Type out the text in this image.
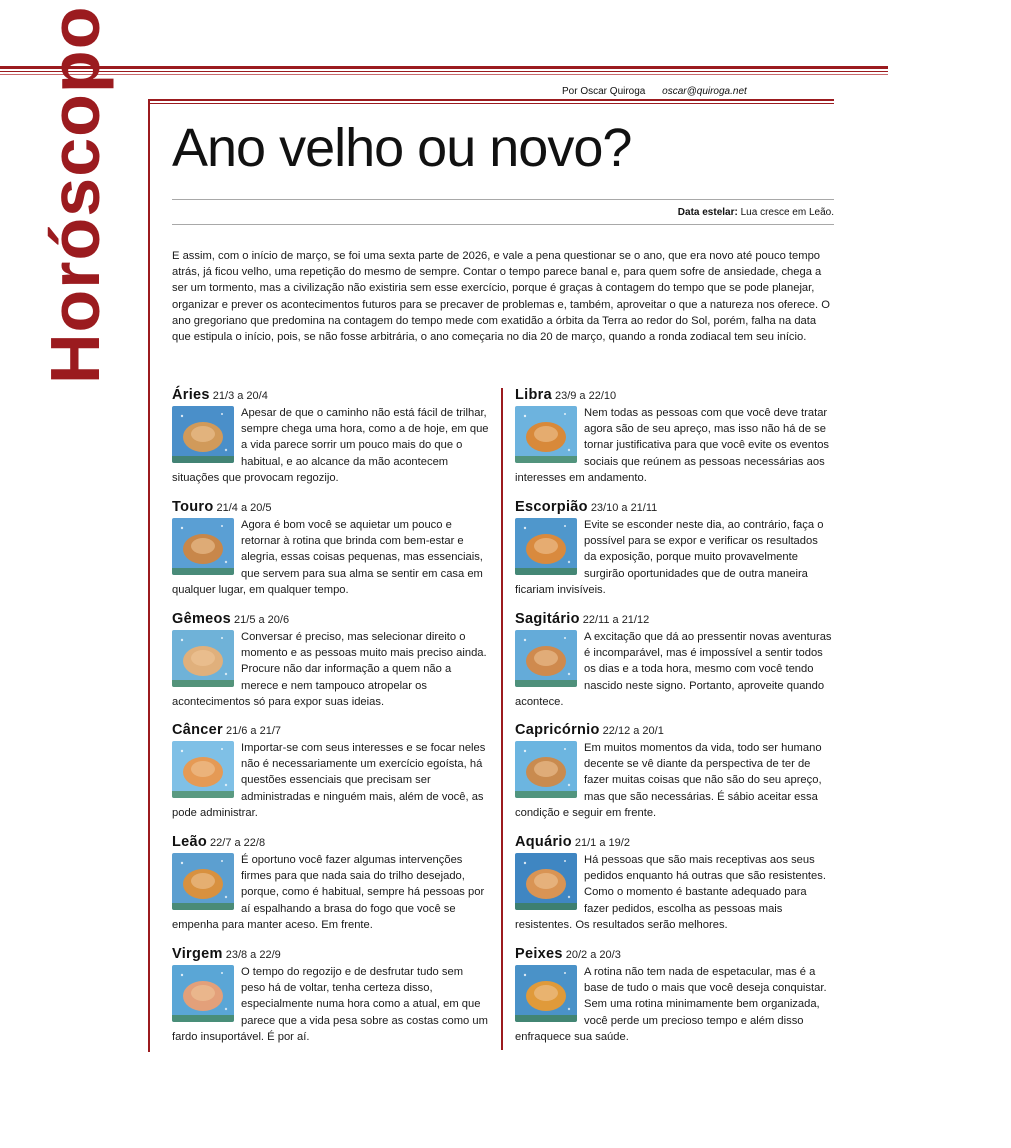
Por Oscar Quiroga oscar@quiroga.net
Horóscopo Ano velho ou novo?
Data estelar: Lua cresce em Leão.
E assim, com o início de março, se foi uma sexta parte de 2026, e vale a pena questionar se o ano, que era novo até pouco tempo atrás, já ficou velho, uma repetição do mesmo de sempre. Contar o tempo parece banal e, para quem sofre de ansiedade, chega a ser um tormento, mas a civilização não existiria sem esse exercício, porque é graças à contagem do tempo que se pode planejar, organizar e prever os acontecimentos futuros para se precaver de problemas e, também, aproveitar o que a natureza nos oferece. O ano gregoriano que predomina na contagem do tempo mede com exatidão a órbita da Terra ao redor do Sol, porém, falha na data que estipula o início, pois, se não fosse arbitrária, o ano começaria no dia 20 de março, quando a ronda zodiacal tem seu início.
Áries 21/3 a 20/4
Apesar de que o caminho não está fácil de trilhar, sempre chega uma hora, como a de hoje, em que a vida parece sorrir um pouco mais do que o habitual, e ao alcance da mão acontecem situações que provocam regozijo.
Touro 21/4 a 20/5
Agora é bom você se aquietar um pouco e retornar à rotina que brinda com bem-estar e alegria, essas coisas pequenas, mas essenciais, que servem para sua alma se sentir em casa em qualquer lugar, em qualquer tempo.
Gêmeos 21/5 a 20/6
Conversar é preciso, mas selecionar direito o momento e as pessoas muito mais preciso ainda. Procure não dar informação a quem não a merece e nem tampouco atropelar os acontecimentos só para expor suas ideias.
Câncer 21/6 a 21/7
Importar-se com seus interesses e se focar neles não é necessariamente um exercício egoísta, há questões essenciais que precisam ser administradas e ninguém mais, além de você, as pode administrar.
Leão 22/7 a 22/8
É oportuno você fazer algumas intervenções firmes para que nada saia do trilho desejado, porque, como é habitual, sempre há pessoas por aí espalhando a brasa do fogo que você se empenha para manter aceso. Em frente.
Virgem 23/8 a 22/9
O tempo do regozijo e de desfrutar tudo sem peso há de voltar, tenha certeza disso, especialmente numa hora como a atual, em que parece que a vida pesa sobre as costas como um fardo insuportável. É por aí.
Libra 23/9 a 22/10
Nem todas as pessoas com que você deve tratar agora são de seu apreço, mas isso não há de se tornar justificativa para que você evite os eventos sociais que reúnem as pessoas necessárias aos interesses em andamento.
Escorpião 23/10 a 21/11
Evite se esconder neste dia, ao contrário, faça o possível para se expor e verificar os resultados da exposição, porque muito provavelmente surgirão oportunidades que de outra maneira ficariam invisíveis.
Sagitário 22/11 a 21/12
A excitação que dá ao pressentir novas aventuras é incomparável, mas é impossível a sentir todos os dias e a toda hora, mesmo com você tendo nascido neste signo. Portanto, aproveite quando acontece.
Capricórnio 22/12 a 20/1
Em muitos momentos da vida, todo ser humano decente se vê diante da perspectiva de ter de fazer muitas coisas que não são do seu apreço, mas que são necessárias. É sábio aceitar essa condição e seguir em frente.
Aquário 21/1 a 19/2
Há pessoas que são mais receptivas aos seus pedidos enquanto há outras que são resistentes. Como o momento é bastante adequado para fazer pedidos, escolha as pessoas mais resistentes. Os resultados serão melhores.
Peixes 20/2 a 20/3
A rotina não tem nada de espetacular, mas é a base de tudo o mais que você deseja conquistar. Sem uma rotina minimamente bem organizada, você perde um precioso tempo e além disso enfraquece sua saúde.
